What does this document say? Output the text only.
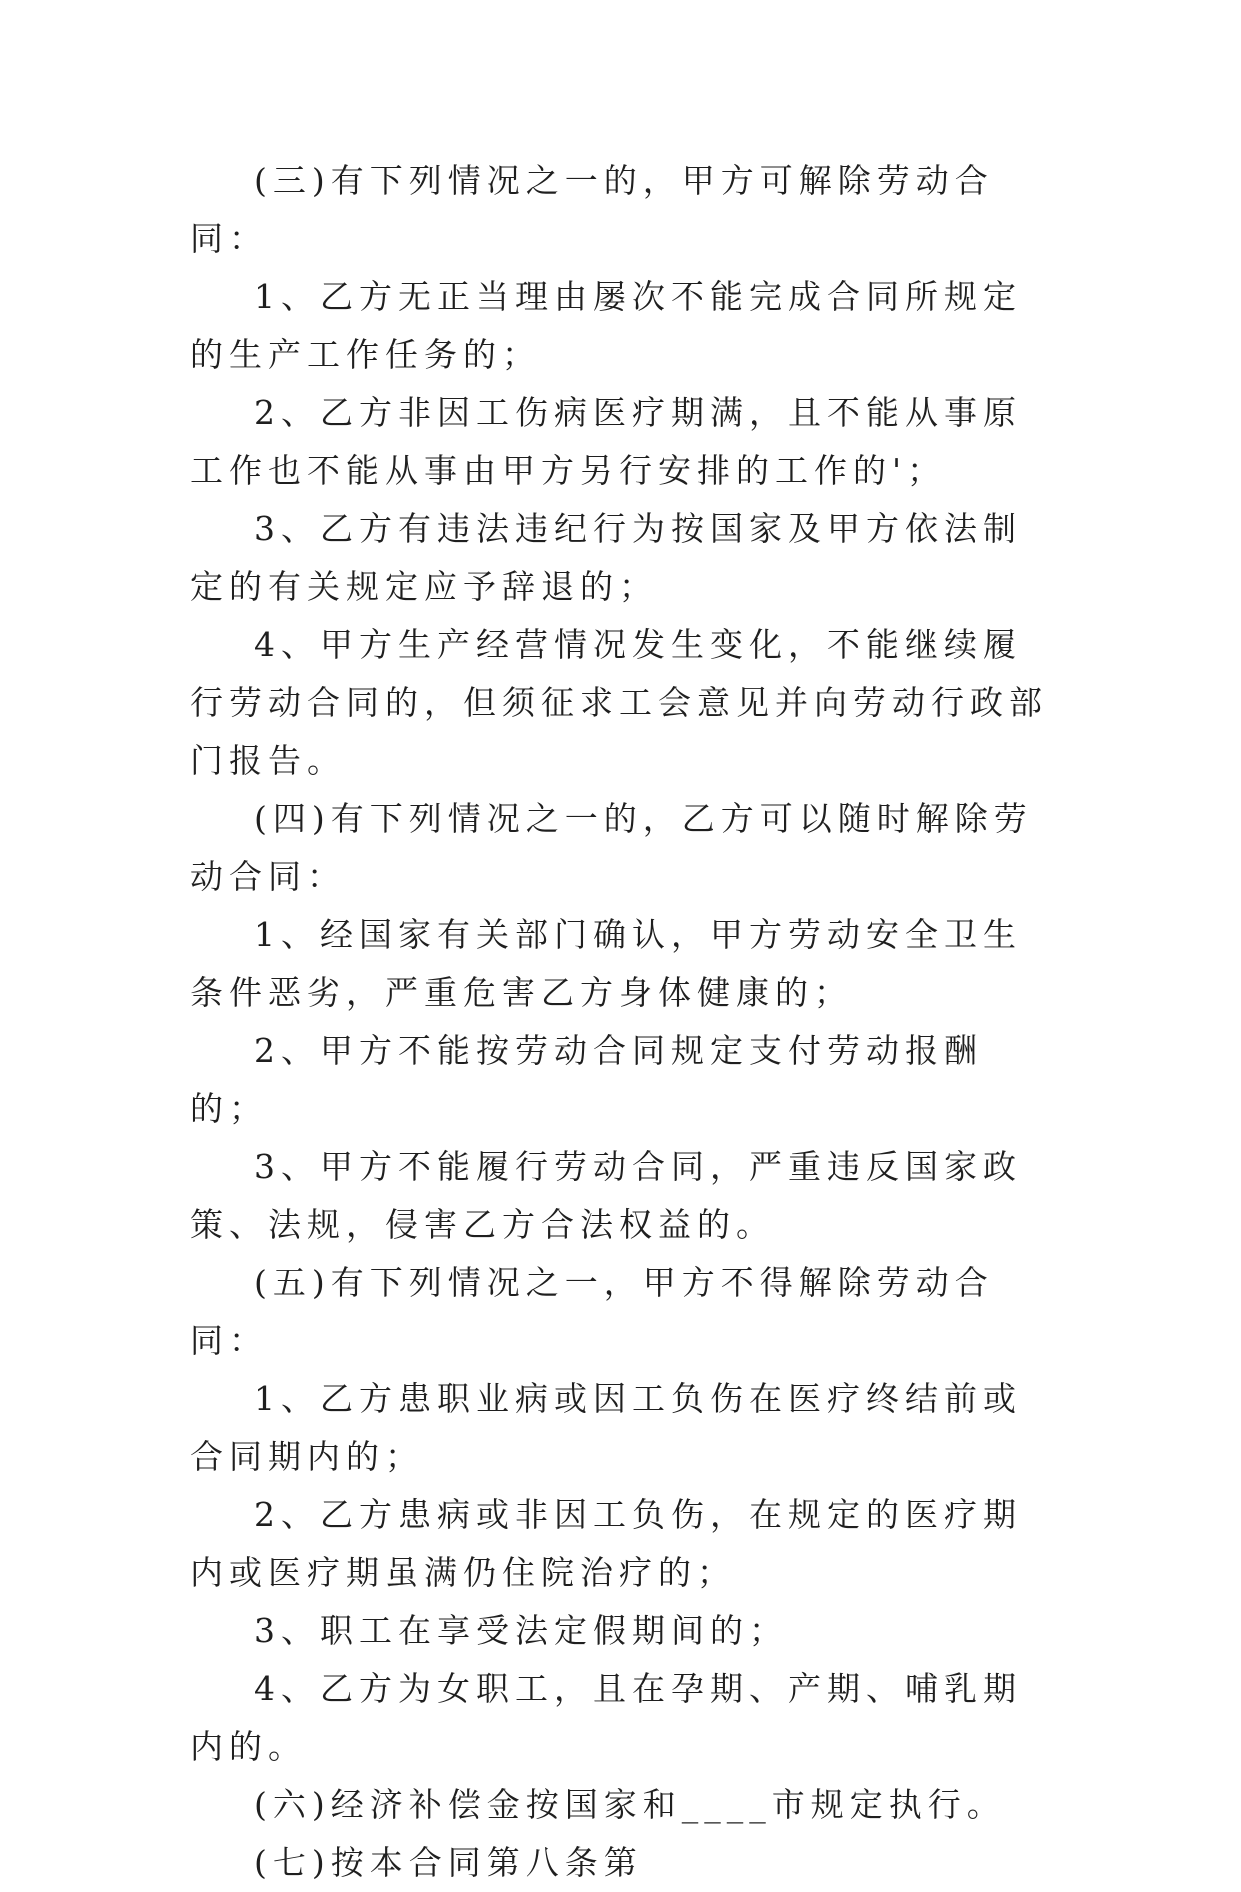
(三)有下列情况之一的，甲方可解除劳动合同：

1、乙方无正当理由屡次不能完成合同所规定的生产工作任务的；

2、乙方非因工伤病医疗期满，且不能从事原工作也不能从事由甲方另行安排的工作的'；

3、乙方有违法违纪行为按国家及甲方依法制定的有关规定应予辞退的；

4、甲方生产经营情况发生变化，不能继续履行劳动合同的，但须征求工会意见并向劳动行政部门报告。

(四)有下列情况之一的，乙方可以随时解除劳动合同：

1、经国家有关部门确认，甲方劳动安全卫生条件恶劣，严重危害乙方身体健康的；

2、甲方不能按劳动合同规定支付劳动报酬的；

3、甲方不能履行劳动合同，严重违反国家政策、法规，侵害乙方合法权益的。

(五)有下列情况之一，甲方不得解除劳动合同：

1、乙方患职业病或因工负伤在医疗终结前或合同期内的；

2、乙方患病或非因工负伤，在规定的医疗期内或医疗期虽满仍住院治疗的；

3、职工在享受法定假期间的；

4、乙方为女职工，且在孕期、产期、哺乳期内的。

(六)经济补偿金按国家和____市规定执行。

(七)按本合同第八条第
